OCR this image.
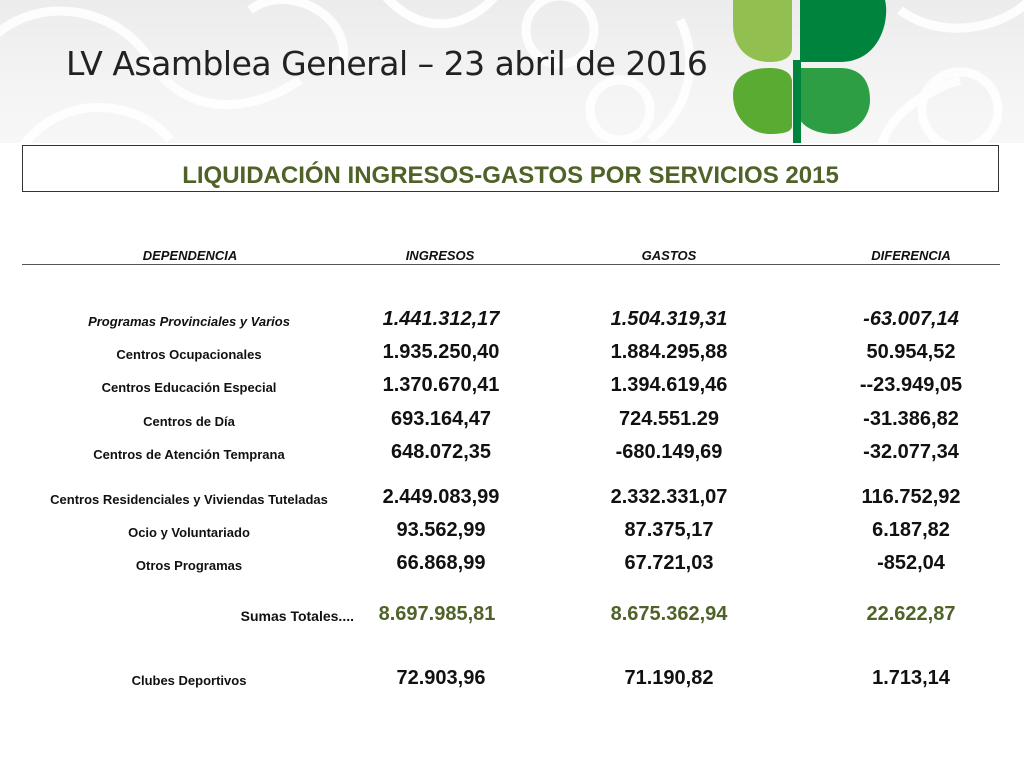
LV Asamblea General – 23 abril de 2016
LIQUIDACIÓN INGRESOS-GASTOS POR SERVICIOS 2015
DEPENDENCIA	INGRESOS	GASTOS	DIFERENCIA
Programas Provinciales y Varios	1.441.312,17	1.504.319,31	-63.007,14
Centros Ocupacionales	1.935.250,40	1.884.295,88	50.954,52
Centros Educación Especial	1.370.670,41	1.394.619,46	--23.949,05
Centros de Día	693.164,47	724.551.29	-31.386,82
Centros de Atención Temprana	648.072,35	-680.149,69	-32.077,34
Centros Residenciales y Viviendas Tuteladas	2.449.083,99	2.332.331,07	116.752,92
Ocio y Voluntariado	93.562,99	87.375,17	6.187,82
Otros Programas	66.868,99	67.721,03	-852,04
Sumas Totales.... 8.697.985,81	8.675.362,94	22.622,87
Clubes Deportivos	72.903,96	71.190,82	1.713,14
